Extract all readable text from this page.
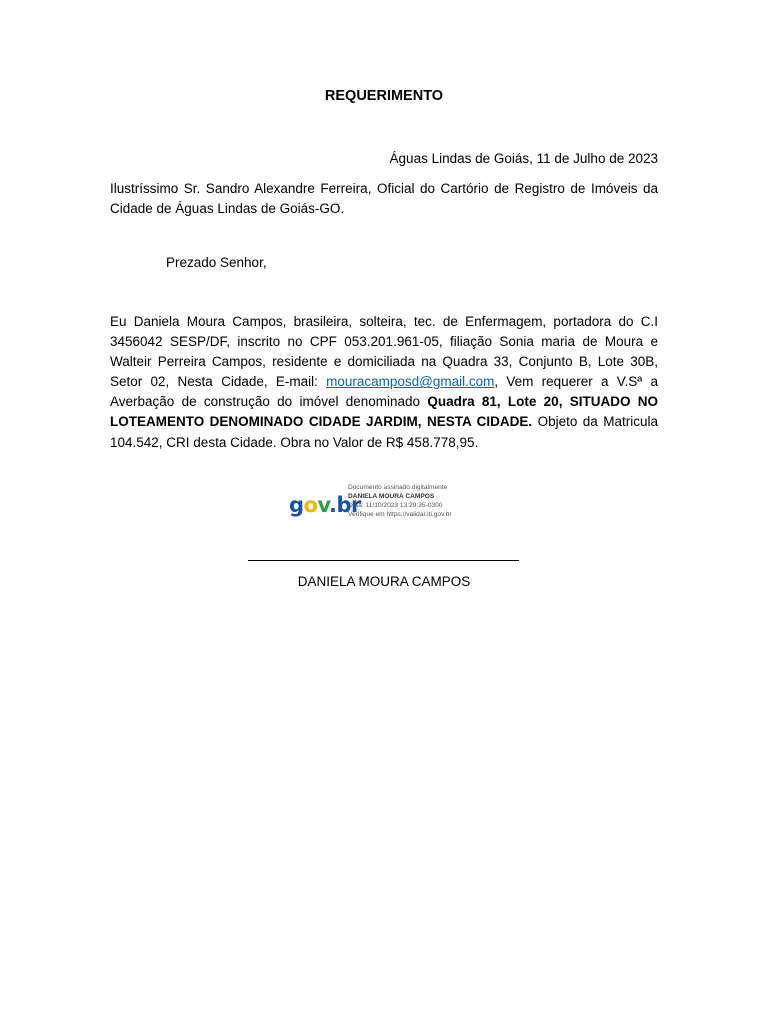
REQUERIMENTO
Águas Lindas de Goiás, 11 de Julho de 2023
Ilustríssimo Sr. Sandro Alexandre Ferreira, Oficial do Cartório de Registro de Imóveis da Cidade de Águas Lindas de Goiás-GO.
Prezado Senhor,
Eu Daniela Moura Campos, brasileira, solteira, tec. de Enfermagem, portadora do C.I 3456042 SESP/DF, inscrito no CPF 053.201.961-05, filiação Sonia maria de Moura e Walteir Perreira Campos, residente e domiciliada na Quadra 33, Conjunto B, Lote 30B, Setor 02, Nesta Cidade, E-mail: mouracamposd@gmail.com, Vem requerer a V.Sª a Averbação de construção do imóvel denominado Quadra 81, Lote 20, SITUADO NO LOTEAMENTO DENOMINADO CIDADE JARDIM, NESTA CIDADE. Objeto da Matricula 104.542, CRI desta Cidade. Obra no Valor de R$ 458.778,95.
gov.br
Documento assinado digitalmente
DANIELA MOURA CAMPOS
Data: 11/10/2023 13:29:35-0300
Verifique em https://validar.iti.gov.br
DANIELA MOURA CAMPOS
